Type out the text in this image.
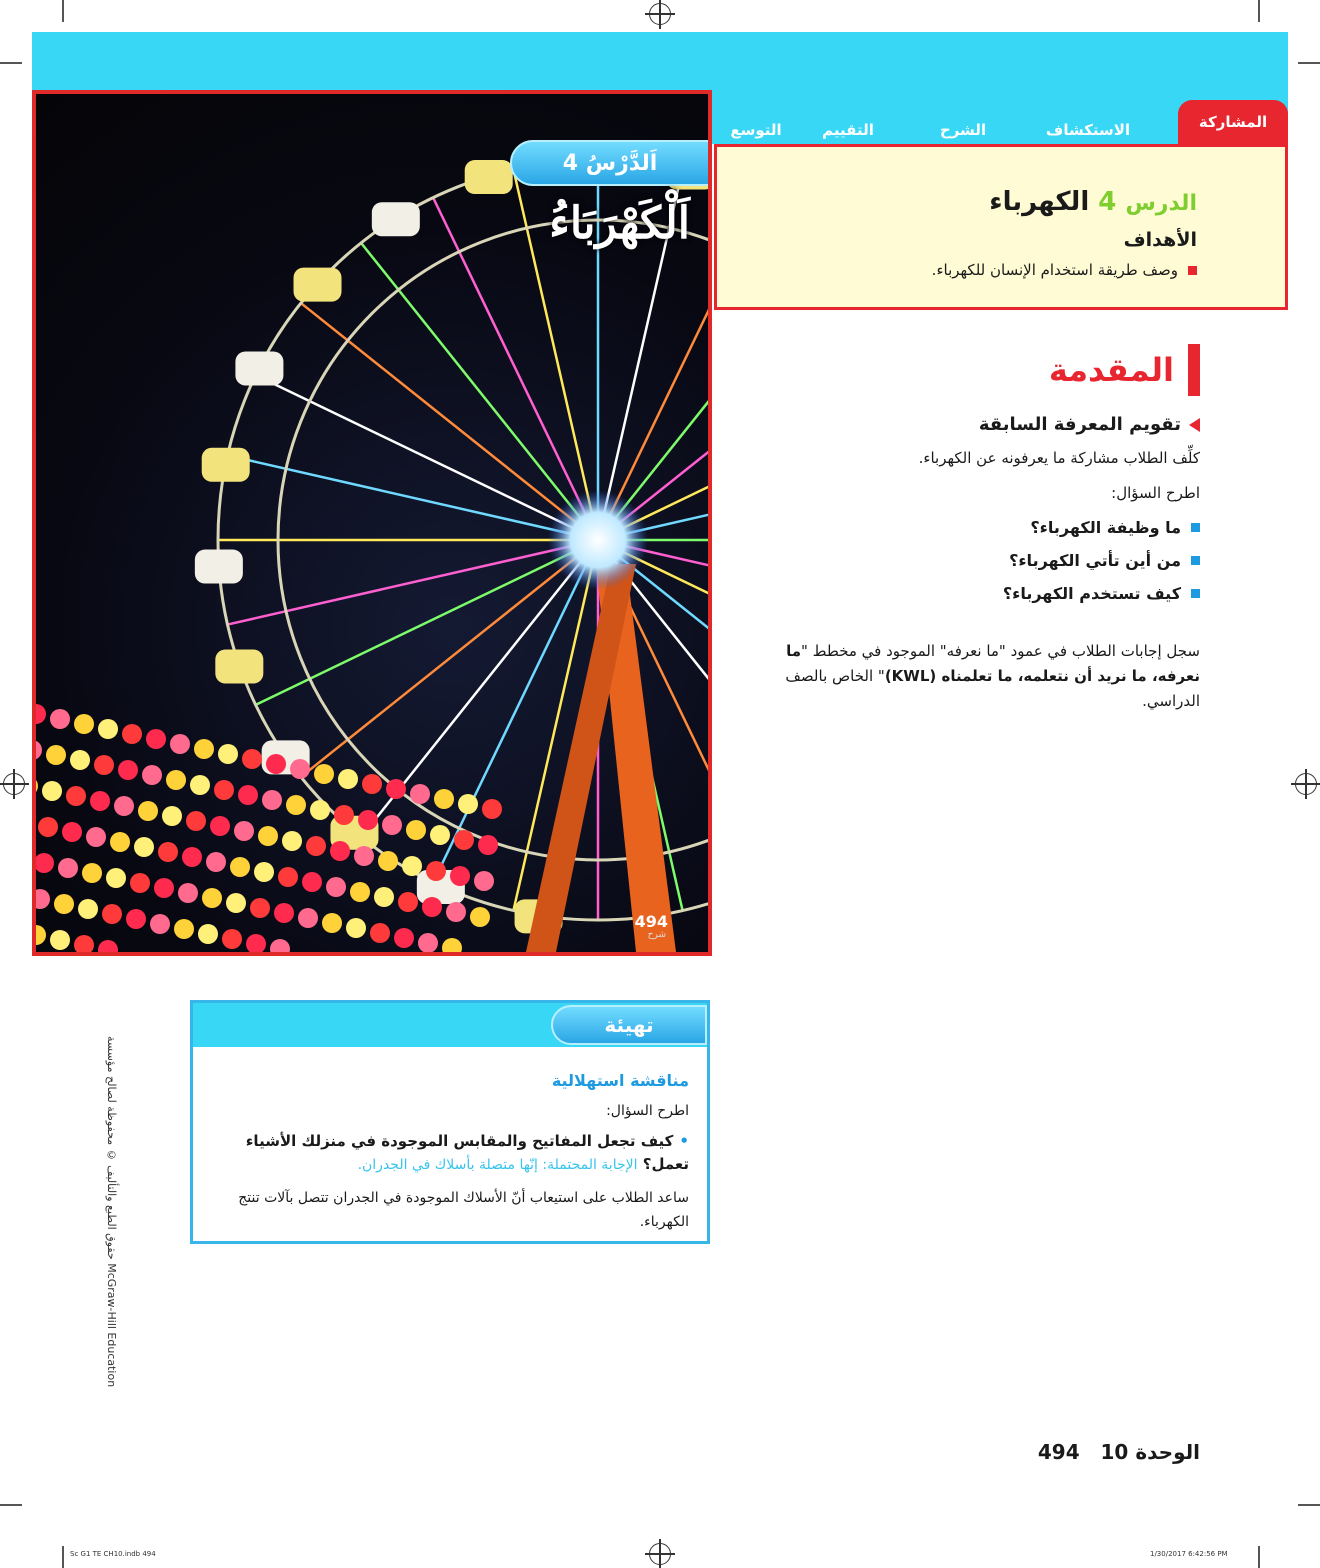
اَلدَّرْسُ 4
اَلْكَهْرَبَاءُ
494
شرح
المشاركة
الاستكشاف
الشرح
التقييم
التوسع
الدرس 4 الكهرباء
الأهداف
وصف طريقة استخدام الإنسان للكهرباء.
المقدمة
تقويم المعرفة السابقة
كلِّف الطلاب مشاركة ما يعرفونه عن الكهرباء.
اطرح السؤال:
ما وظيفة الكهرباء؟
من أين تأتي الكهرباء؟
كيف تستخدم الكهرباء؟
سجل إجابات الطلاب في عمود "ما نعرفه" الموجود في مخطط "ما نعرفه، ما نريد أن نتعلمه، ما تعلمناه (KWL)" الخاص بالصف الدراسي.
تهيئة
مناقشة استهلالية
اطرح السؤال:
•كيف تجعل المفاتيح والمقابس الموجودة في منزلك الأشياء تعمل؟ الإجابة المحتملة: إنّها متصلة بأسلاك في الجدران.
ساعد الطلاب على استيعاب أنّ الأسلاك الموجودة في الجدران تتصل بآلات تنتج الكهرباء.
حقوق الطبع والتأليف © محفوظة لصالح مؤسسة McGraw-Hill Education
الوحدة 10   494
Sc G1 TE CH10.indb 494	1/30/2017 6:42:56 PM
